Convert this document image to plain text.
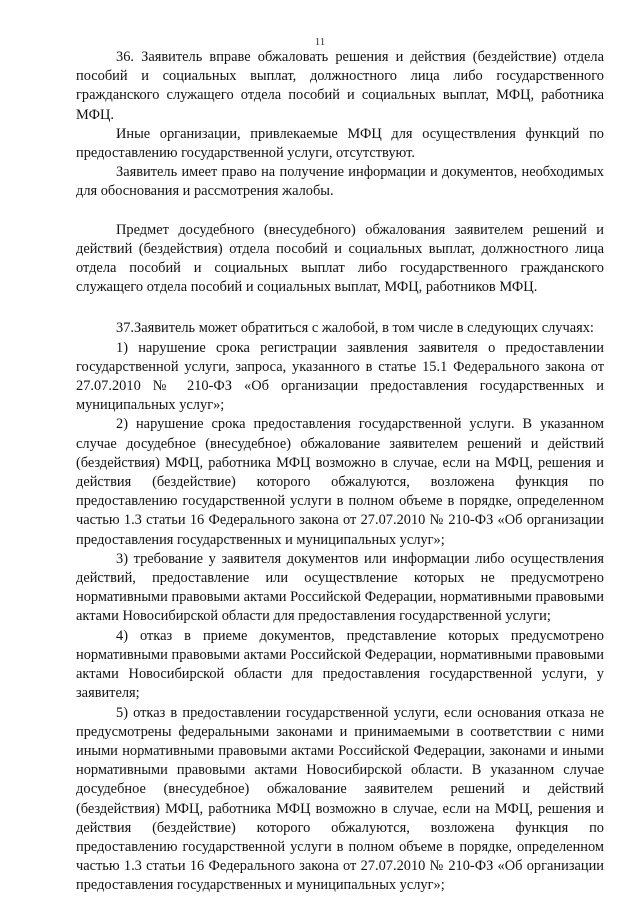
11

36. Заявитель вправе обжаловать решения и действия (бездействие) отдела пособий и социальных выплат, должностного лица либо государственного гражданского служащего отдела пособий и социальных выплат, МФЦ, работника МФЦ.

Иные организации, привлекаемые МФЦ для осуществления функций по предоставлению государственной услуги, отсутствуют.

Заявитель имеет право на получение информации и документов, необходимых для обоснования и рассмотрения жалобы.

Предмет досудебного (внесудебного) обжалования заявителем решений и действий (бездействия) отдела пособий и социальных выплат, должностного лица отдела пособий и социальных выплат либо государственного гражданского служащего отдела пособий и социальных выплат, МФЦ, работников МФЦ.

37.Заявитель может обратиться с жалобой, в том числе в следующих случаях:

1) нарушение срока регистрации заявления заявителя о предоставлении государственной услуги, запроса, указанного в статье 15.1 Федерального закона от 27.07.2010 № 210-ФЗ «Об организации предоставления государственных и муниципальных услуг»;

2) нарушение срока предоставления государственной услуги. В указанном случае досудебное (внесудебное) обжалование заявителем решений и действий (бездействия) МФЦ, работника МФЦ возможно в случае, если на МФЦ, решения и действия (бездействие) которого обжалуются, возложена функция по предоставлению государственной услуги в полном объеме в порядке, определенном частью 1.3 статьи 16 Федерального закона от 27.07.2010 № 210-ФЗ «Об организации предоставления государственных и муниципальных услуг»;

3) требование у заявителя документов или информации либо осуществления действий, предоставление или осуществление которых не предусмотрено нормативными правовыми актами Российской Федерации, нормативными правовыми актами Новосибирской области для предоставления государственной услуги;

4) отказ в приеме документов, представление которых предусмотрено нормативными правовыми актами Российской Федерации, нормативными правовыми актами Новосибирской области для предоставления государственной услуги, у заявителя;

5) отказ в предоставлении государственной услуги, если основания отказа не предусмотрены федеральными законами и принимаемыми в соответствии с ними иными нормативными правовыми актами Российской Федерации, законами и иными нормативными правовыми актами Новосибирской области. В указанном случае досудебное (внесудебное) обжалование заявителем решений и действий (бездействия) МФЦ, работника МФЦ возможно в случае, если на МФЦ, решения и действия (бездействие) которого обжалуются, возложена функция по предоставлению государственной услуги в полном объеме в порядке, определенном частью 1.3 статьи 16 Федерального закона от 27.07.2010 № 210-ФЗ «Об организации предоставления государственных и муниципальных услуг»;
